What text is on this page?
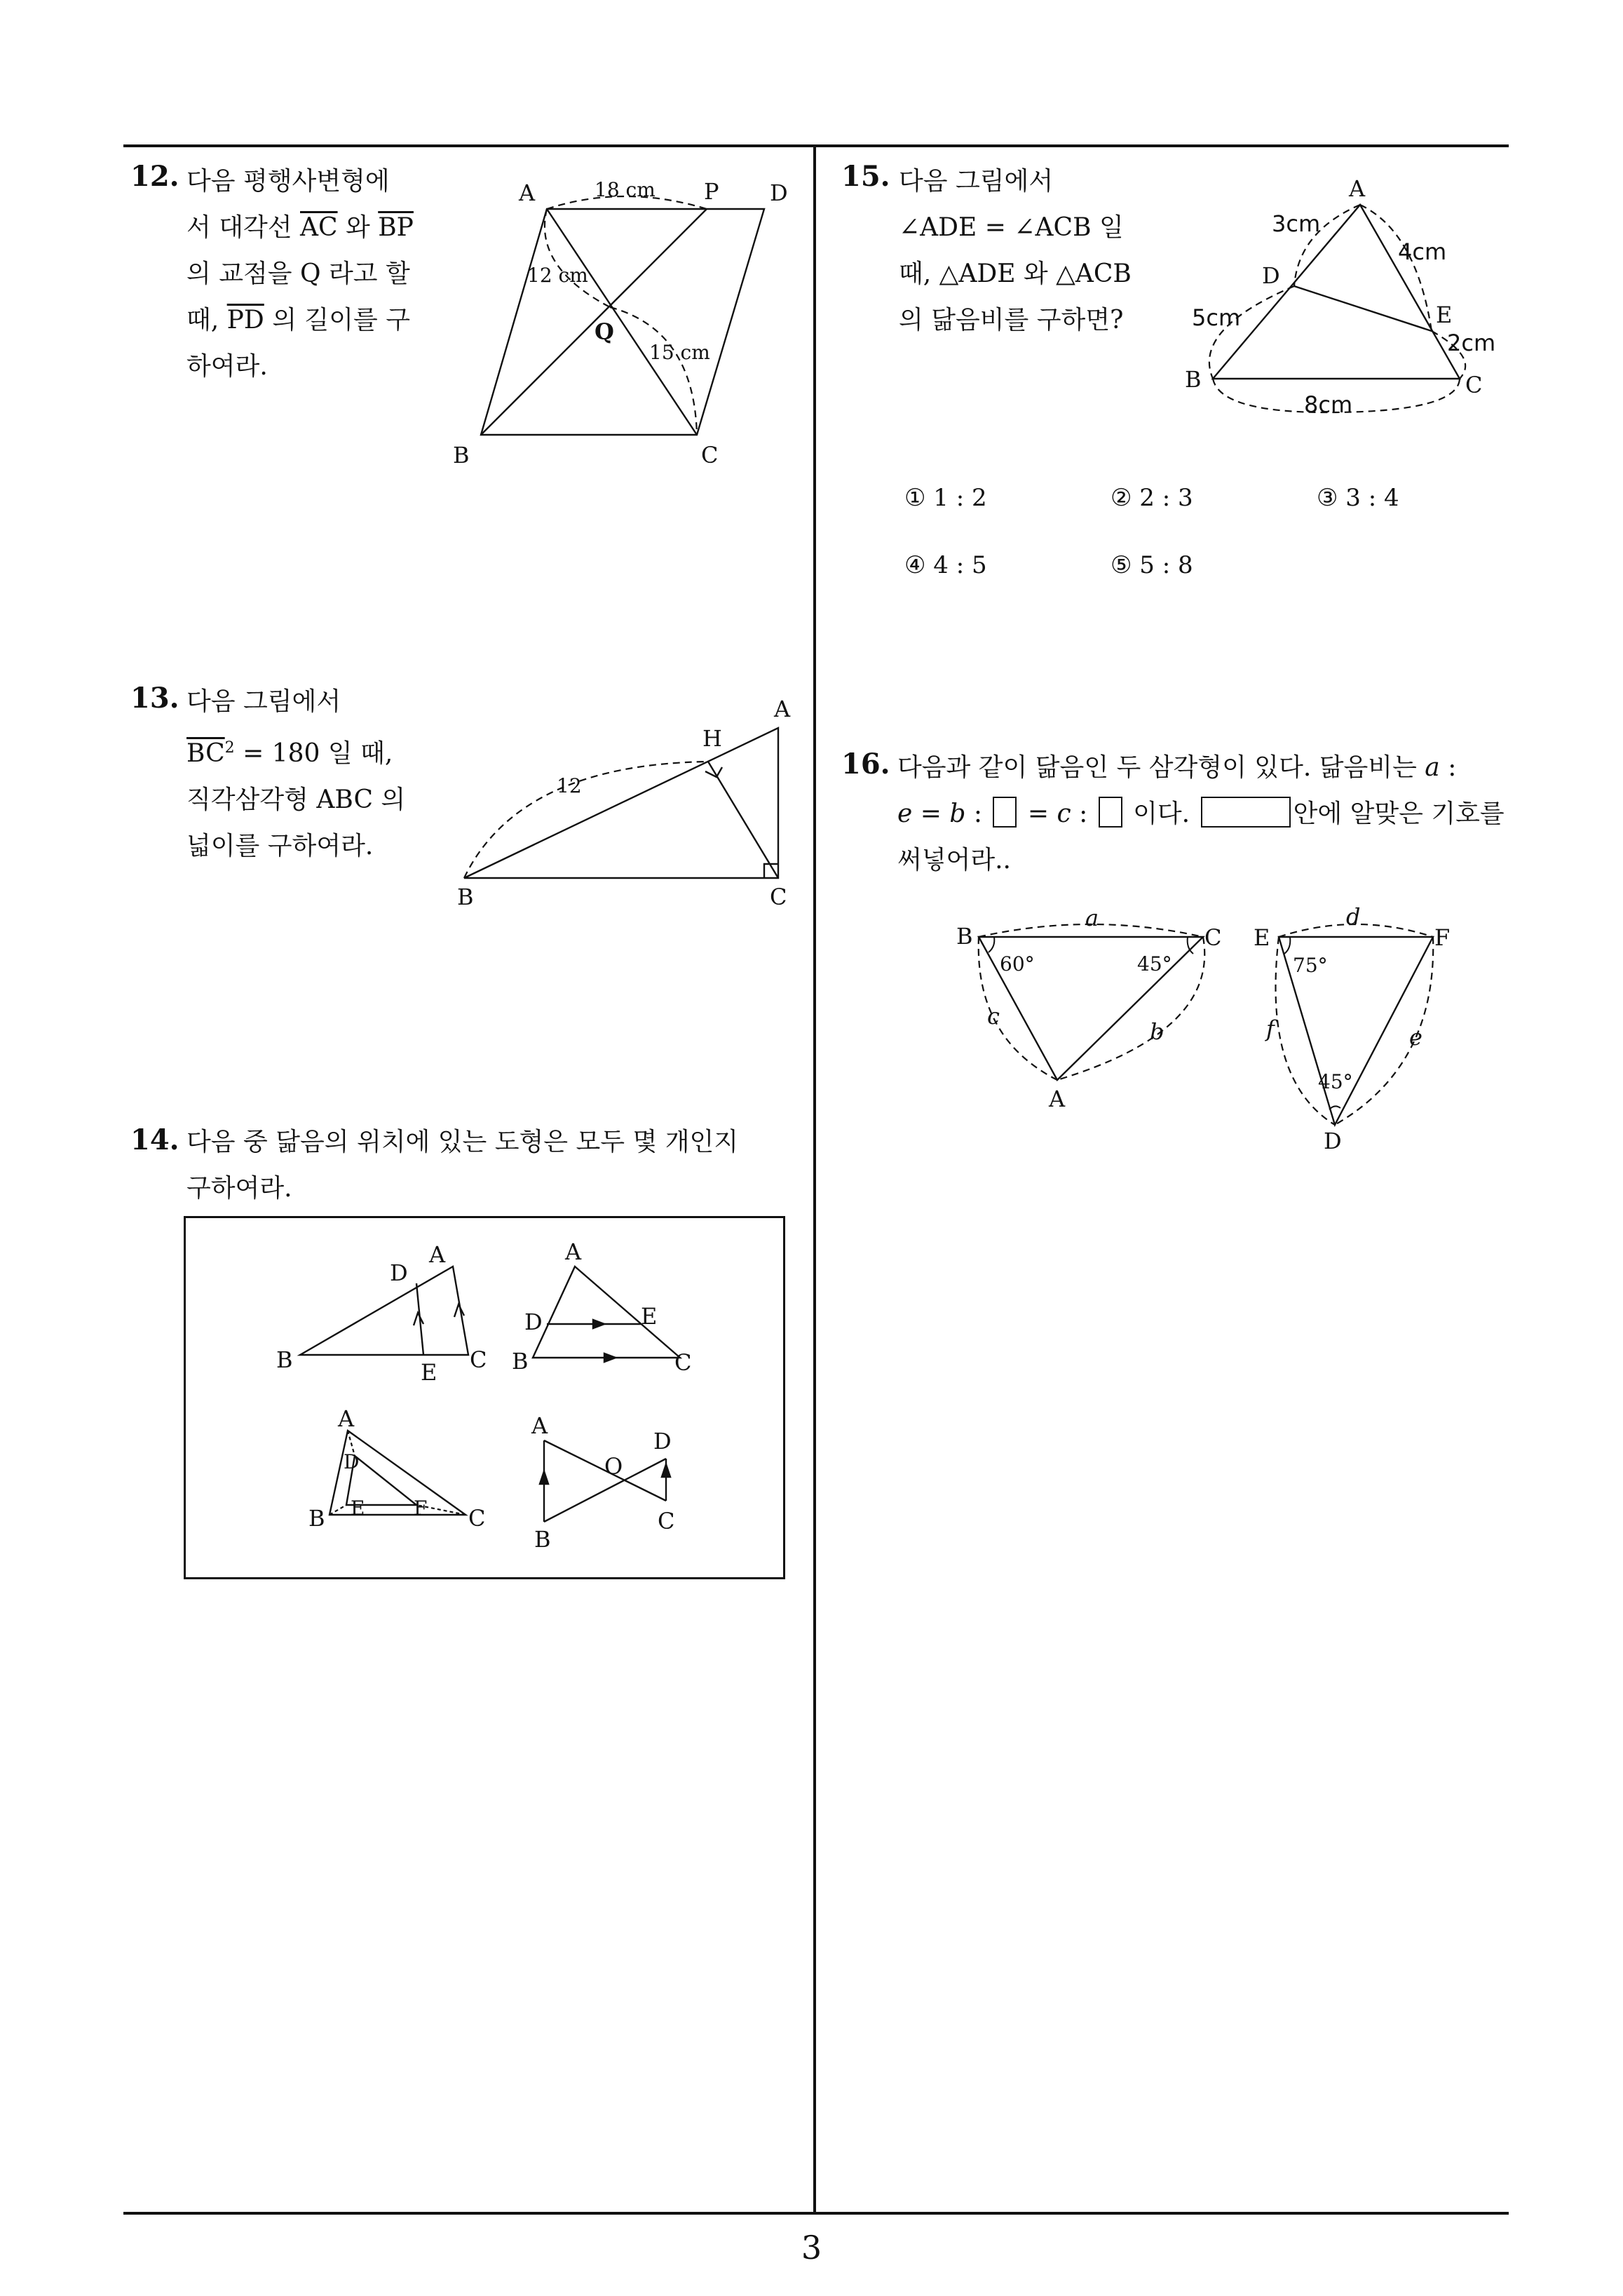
12. 다음 평행사변형에
서 대각선 $\overline{AC}$ 와 $\overline{BP}$
의 교점을 Q 라고 할
때, $\overline{PD}$ 의 길이를 구
하여라.
A	P D
B	C
Q
18 cm
12 cm
15 cm
13. 다음 그림에서
$\overline{BC}^2 = 180$ 일 때,
직각삼각형 ABC 의
넓이를 구하여라.
A
H
B	C
12
14. 다음 중 닮음의 위치에 있는 도형은 모두 몇 개인지
구하여라.
A
D
B	E C
A
D	E
B	C
A
D
B E F C
A
D
O
B
C
15. 다음 그림에서
∠ADE = ∠ACB 일
때, △ADE 와 △ACB
의 닮음비를 구하면?
A
D
E
B	C
3cm
4cm
5cm
2cm
8cm
① 1 : 2	② 2 : 3	③ 3 : 4
④ 4 : 5	⑤ 5 : 8
16. 다음과 같이 닮음인 두 삼각형이 있다. 닮음비는 a :
e = b :  = c :  이다.	안에 알맞은 기호를
써넣어라..
B	C
A
a
c
b
60°	45°
E	F
D
d
e
f
75°
45°
3
